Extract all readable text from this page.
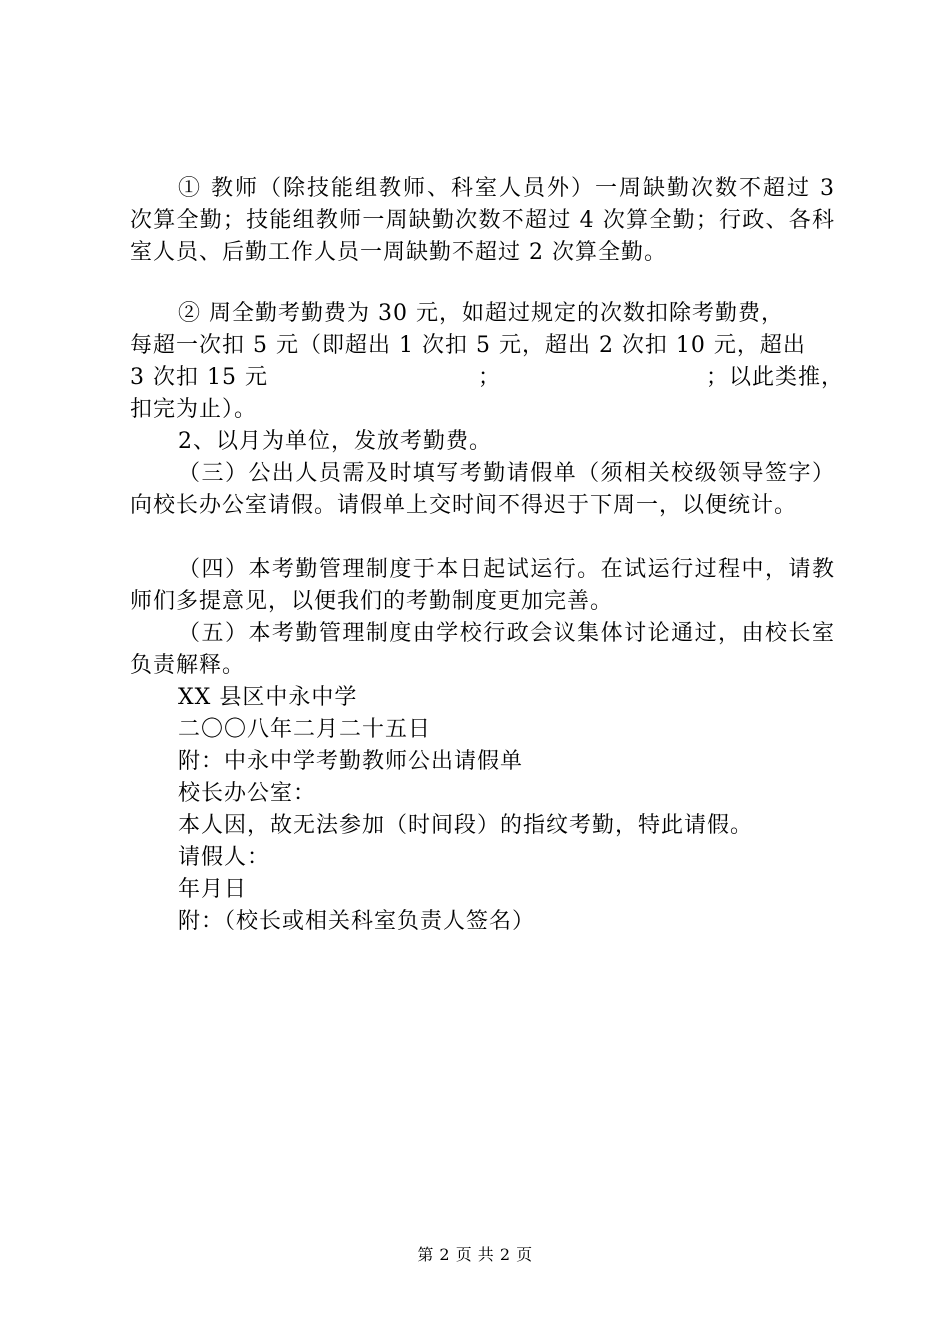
① 教师（除技能组教师、科室人员外）一周缺勤次数不超过 3 次算全勤；技能组教师一周缺勤次数不超过 4 次算全勤；行政、各科室人员、后勤工作人员一周缺勤不超过 2 次算全勤。

② 周全勤考勤费为 30 元，如超过规定的次数扣除考勤费，
每超一次扣 5 元（即超出 1 次扣 5 元，超出 2 次扣 10 元，超出
3 次扣 15 元	；	；以此类推，
扣完为止）。
2、以月为单位，发放考勤费。

（三）公出人员需及时填写考勤请假单（须相关校级领导签字）向校长办公室请假。请假单上交时间不得迟于下周一，以便统计。

（四）本考勤管理制度于本日起试运行。在试运行过程中，请教师们多提意见，以便我们的考勤制度更加完善。

（五）本考勤管理制度由学校行政会议集体讨论通过，由校长室负责解释。

XX 县区中永中学
二〇〇八年二月二十五日
附：中永中学考勤教师公出请假单
校长办公室：
本人因，故无法参加（时间段）的指纹考勤，特此请假。
请假人：
年月日
附：（校长或相关科室负责人签名）
第 2 页 共 2 页
